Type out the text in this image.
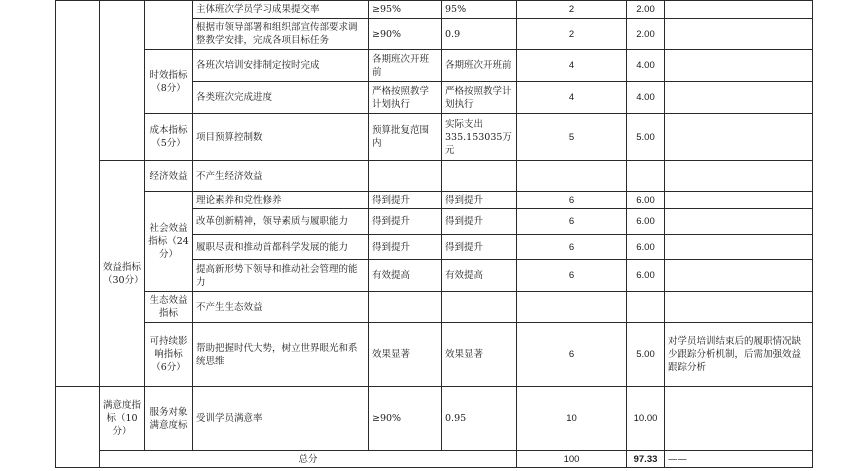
			主体班次学员学习成果提交率	≥95%	95%	2	2.00	
			根据市领导部署和组织部宣传部要求调整教学安排，完成各项目标任务	≥90%	0.9	2	2.00	
		时效指标（8分）	各班次培训安排制定按时完成	各期班次开班前	各期班次开班前	4	4.00	
			各类班次完成进度	严格按照教学计划执行	严格按照教学计划执行	4	4.00	
		成本指标（5分）	项目预算控制数	预算批复范围内	实际支出335.153035万元	5	5.00	
	效益指标（30分）	经济效益	不产生经济效益					
		社会效益指标（24分）	理论素养和党性修养	得到提升	得到提升	6	6.00	
			改革创新精神，领导素质与履职能力	得到提升	得到提升	6	6.00	
			履职尽责和推动首都科学发展的能力	得到提升	得到提升	6	6.00	
			提高新形势下领导和推动社会管理的能力	有效提高	有效提高	6	6.00	
		生态效益指标	不产生生态效益					
		可持续影响指标（6分）	帮助把握时代大势，树立世界眼光和系统思维	效果显著	效果显著	6	5.00	对学员培训结束后的履职情况缺少跟踪分析机制，后需加强效益跟踪分析
	满意度指标（10分）	服务对象满意度标	受训学员满意率	≥90%	0.95	10	10.00	
	总分					100	97.33	——
